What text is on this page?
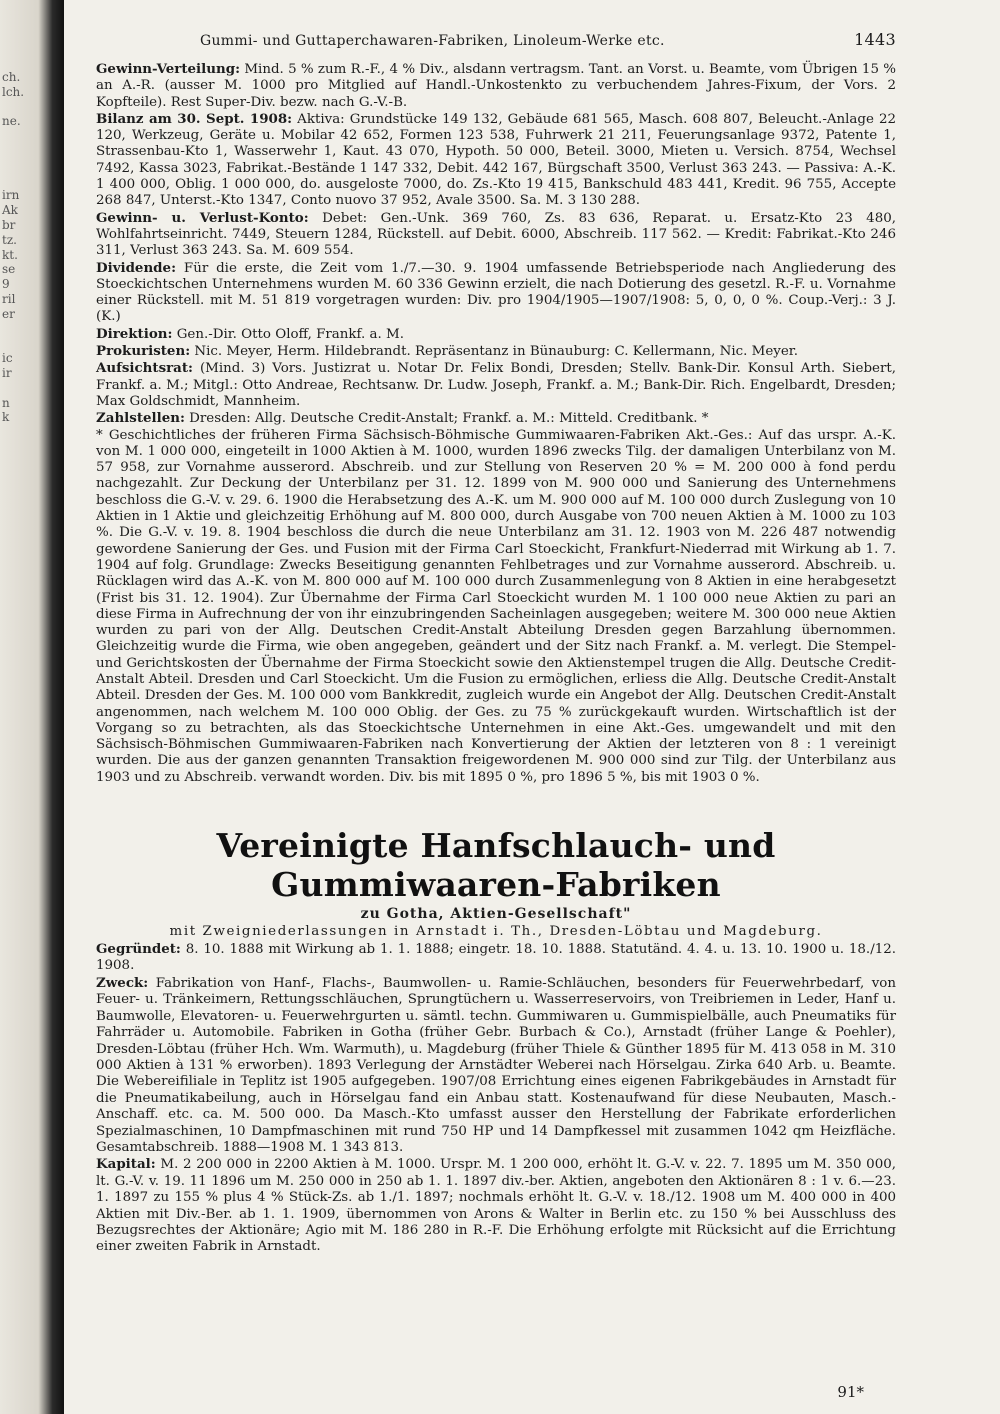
ch.
lch.

ne.

irn
Ak
br
tz.
kt.
se
9
ril
er

ic
ir

n
k
Gummi- und Guttaperchawaren-Fabriken, Linoleum-Werke etc.	1443

Gewinn-Verteilung: Mind. 5 % zum R.-F., 4 % Div., alsdann vertragsm. Tant. an Vorst. u. Beamte, vom Übrigen 15 % an A.-R. (ausser M. 1000 pro Mitglied auf Handl.-Unkostenkto zu verbuchendem Jahres-Fixum, der Vors. 2 Kopfteile). Rest Super-Div. bezw. nach G.-V.-B.

Bilanz am 30. Sept. 1908: Aktiva: Grundstücke 149 132, Gebäude 681 565, Masch. 608 807, Beleucht.-Anlage 22 120, Werkzeug, Geräte u. Mobilar 42 652, Formen 123 538, Fuhrwerk 21 211, Feuerungsanlage 9372, Patente 1, Strassenbau-Kto 1, Wasserwehr 1, Kaut. 43 070, Hypoth. 50 000, Beteil. 3000, Mieten u. Versich. 8754, Wechsel 7492, Kassa 3023, Fabrikat.-Bestände 1 147 332, Debit. 442 167, Bürgschaft 3500, Verlust 363 243. — Passiva: A.-K. 1 400 000, Oblig. 1 000 000, do. ausgeloste 7000, do. Zs.-Kto 19 415, Bankschuld 483 441, Kredit. 96 755, Accepte 268 847, Unterst.-Kto 1347, Conto nuovo 37 952, Avale 3500. Sa. M. 3 130 288.

Gewinn- u. Verlust-Konto: Debet: Gen.-Unk. 369 760, Zs. 83 636, Reparat. u. Ersatz-Kto 23 480, Wohlfahrtseinricht. 7449, Steuern 1284, Rückstell. auf Debit. 6000, Abschreib. 117 562. — Kredit: Fabrikat.-Kto 246 311, Verlust 363 243. Sa. M. 609 554.

Dividende: Für die erste, die Zeit vom 1./7.—30. 9. 1904 umfassende Betriebsperiode nach Angliederung des Stoeckichtschen Unternehmens wurden M. 60 336 Gewinn erzielt, die nach Dotierung des gesetzl. R.-F. u. Vornahme einer Rückstell. mit M. 51 819 vorgetragen wurden: Div. pro 1904/1905—1907/1908: 5, 0, 0, 0 %. Coup.-Verj.: 3 J. (K.)

Direktion: Gen.-Dir. Otto Oloff, Frankf. a. M.

Prokuristen: Nic. Meyer, Herm. Hildebrandt. Repräsentanz in Bünauburg: C. Kellermann, Nic. Meyer.

Aufsichtsrat: (Mind. 3) Vors. Justizrat u. Notar Dr. Felix Bondi, Dresden; Stellv. Bank-Dir. Konsul Arth. Siebert, Frankf. a. M.; Mitgl.: Otto Andreae, Rechtsanw. Dr. Ludw. Joseph, Frankf. a. M.; Bank-Dir. Rich. Engelbardt, Dresden; Max Goldschmidt, Mannheim.

Zahlstellen: Dresden: Allg. Deutsche Credit-Anstalt; Frankf. a. M.: Mitteld. Creditbank. *

* Geschichtliches der früheren Firma Sächsisch-Böhmische Gummiwaaren-Fabriken Akt.-Ges.: Auf das urspr. A.-K. von M. 1 000 000, eingeteilt in 1000 Aktien à M. 1000, wurden 1896 zwecks Tilg. der damaligen Unterbilanz von M. 57 958, zur Vornahme ausserord. Abschreib. und zur Stellung von Reserven 20 % = M. 200 000 à fond perdu nachgezahlt. Zur Deckung der Unterbilanz per 31. 12. 1899 von M. 900 000 und Sanierung des Unternehmens beschloss die G.-V. v. 29. 6. 1900 die Herabsetzung des A.-K. um M. 900 000 auf M. 100 000 durch Zuslegung von 10 Aktien in 1 Aktie und gleichzeitig Erhöhung auf M. 800 000, durch Ausgabe von 700 neuen Aktien à M. 1000 zu 103 %. Die G.-V. v. 19. 8. 1904 beschloss die durch die neue Unterbilanz am 31. 12. 1903 von M. 226 487 notwendig gewordene Sanierung der Ges. und Fusion mit der Firma Carl Stoeckicht, Frankfurt-Niederrad mit Wirkung ab 1. 7. 1904 auf folg. Grundlage: Zwecks Beseitigung genannten Fehlbetrages und zur Vornahme ausserord. Abschreib. u. Rücklagen wird das A.-K. von M. 800 000 auf M. 100 000 durch Zusammenlegung von 8 Aktien in eine herabgesetzt (Frist bis 31. 12. 1904). Zur Übernahme der Firma Carl Stoeckicht wurden M. 1 100 000 neue Aktien zu pari an diese Firma in Aufrechnung der von ihr einzubringenden Sacheinlagen ausgegeben; weitere M. 300 000 neue Aktien wurden zu pari von der Allg. Deutschen Credit-Anstalt Abteilung Dresden gegen Barzahlung übernommen. Gleichzeitig wurde die Firma, wie oben angegeben, geändert und der Sitz nach Frankf. a. M. verlegt. Die Stempel- und Gerichtskosten der Übernahme der Firma Stoeckicht sowie den Aktienstempel trugen die Allg. Deutsche Credit-Anstalt Abteil. Dresden und Carl Stoeckicht. Um die Fusion zu ermöglichen, erliess die Allg. Deutsche Credit-Anstalt Abteil. Dresden der Ges. M. 100 000 vom Bankkredit, zugleich wurde ein Angebot der Allg. Deutschen Credit-Anstalt angenommen, nach welchem M. 100 000 Oblig. der Ges. zu 75 % zurückgekauft wurden. Wirtschaftlich ist der Vorgang so zu betrachten, als das Stoeckichtsche Unternehmen in eine Akt.-Ges. umgewandelt und mit den Sächsisch-Böhmischen Gummiwaaren-Fabriken nach Konvertierung der Aktien der letzteren von 8 : 1 vereinigt wurden. Die aus der ganzen genannten Transaktion freigewordenen M. 900 000 sind zur Tilg. der Unterbilanz aus 1903 und zu Abschreib. verwandt worden. Div. bis mit 1895 0 %, pro 1896 5 %, bis mit 1903 0 %.

Vereinigte Hanfschlauch- und Gummiwaaren-Fabriken
zu Gotha, Aktien-Gesellschaft"
mit Zweigniederlassungen in Arnstadt i. Th., Dresden-Löbtau und Magdeburg.

Gegründet: 8. 10. 1888 mit Wirkung ab 1. 1. 1888; eingetr. 18. 10. 1888. Statutänd. 4. 4. u. 13. 10. 1900 u. 18./12. 1908.

Zweck: Fabrikation von Hanf-, Flachs-, Baumwollen- u. Ramie-Schläuchen, besonders für Feuerwehrbedarf, von Feuer- u. Tränkeimern, Rettungsschläuchen, Sprungtüchern u. Wasserreservoirs, von Treibriemen in Leder, Hanf u. Baumwolle, Elevatoren- u. Feuerwehrgurten u. sämtl. techn. Gummiwaren u. Gummispielbälle, auch Pneumatiks für Fahrräder u. Automobile. Fabriken in Gotha (früher Gebr. Burbach & Co.), Arnstadt (früher Lange & Poehler), Dresden-Löbtau (früher Hch. Wm. Warmuth), u. Magdeburg (früher Thiele & Günther 1895 für M. 413 058 in M. 310 000 Aktien à 131 % erworben). 1893 Verlegung der Arnstädter Weberei nach Hörselgau. Zirka 640 Arb. u. Beamte. Die Webereifiliale in Teplitz ist 1905 aufgegeben. 1907/08 Errichtung eines eigenen Fabrikgebäudes in Arnstadt für die Pneumatikabeilung, auch in Hörselgau fand ein Anbau statt. Kostenaufwand für diese Neubauten, Masch.-Anschaff. etc. ca. M. 500 000. Da Masch.-Kto umfasst ausser den Herstellung der Fabrikate erforderlichen Spezialmaschinen, 10 Dampfmaschinen mit rund 750 HP und 14 Dampfkessel mit zusammen 1042 qm Heizfläche. Gesamtabschreib. 1888—1908 M. 1 343 813.

Kapital: M. 2 200 000 in 2200 Aktien à M. 1000. Urspr. M. 1 200 000, erhöht lt. G.-V. v. 22. 7. 1895 um M. 350 000, lt. G.-V. v. 19. 11 1896 um M. 250 000 in 250 ab 1. 1. 1897 div.-ber. Aktien, angeboten den Aktionären 8 : 1 v. 6.—23. 1. 1897 zu 155 % plus 4 % Stück-Zs. ab 1./1. 1897; nochmals erhöht lt. G.-V. v. 18./12. 1908 um M. 400 000 in 400 Aktien mit Div.-Ber. ab 1. 1. 1909, übernommen von Arons & Walter in Berlin etc. zu 150 % bei Ausschluss des Bezugsrechtes der Aktionäre; Agio mit M. 186 280 in R.-F. Die Erhöhung erfolgte mit Rücksicht auf die Errichtung einer zweiten Fabrik in Arnstadt.

91*
